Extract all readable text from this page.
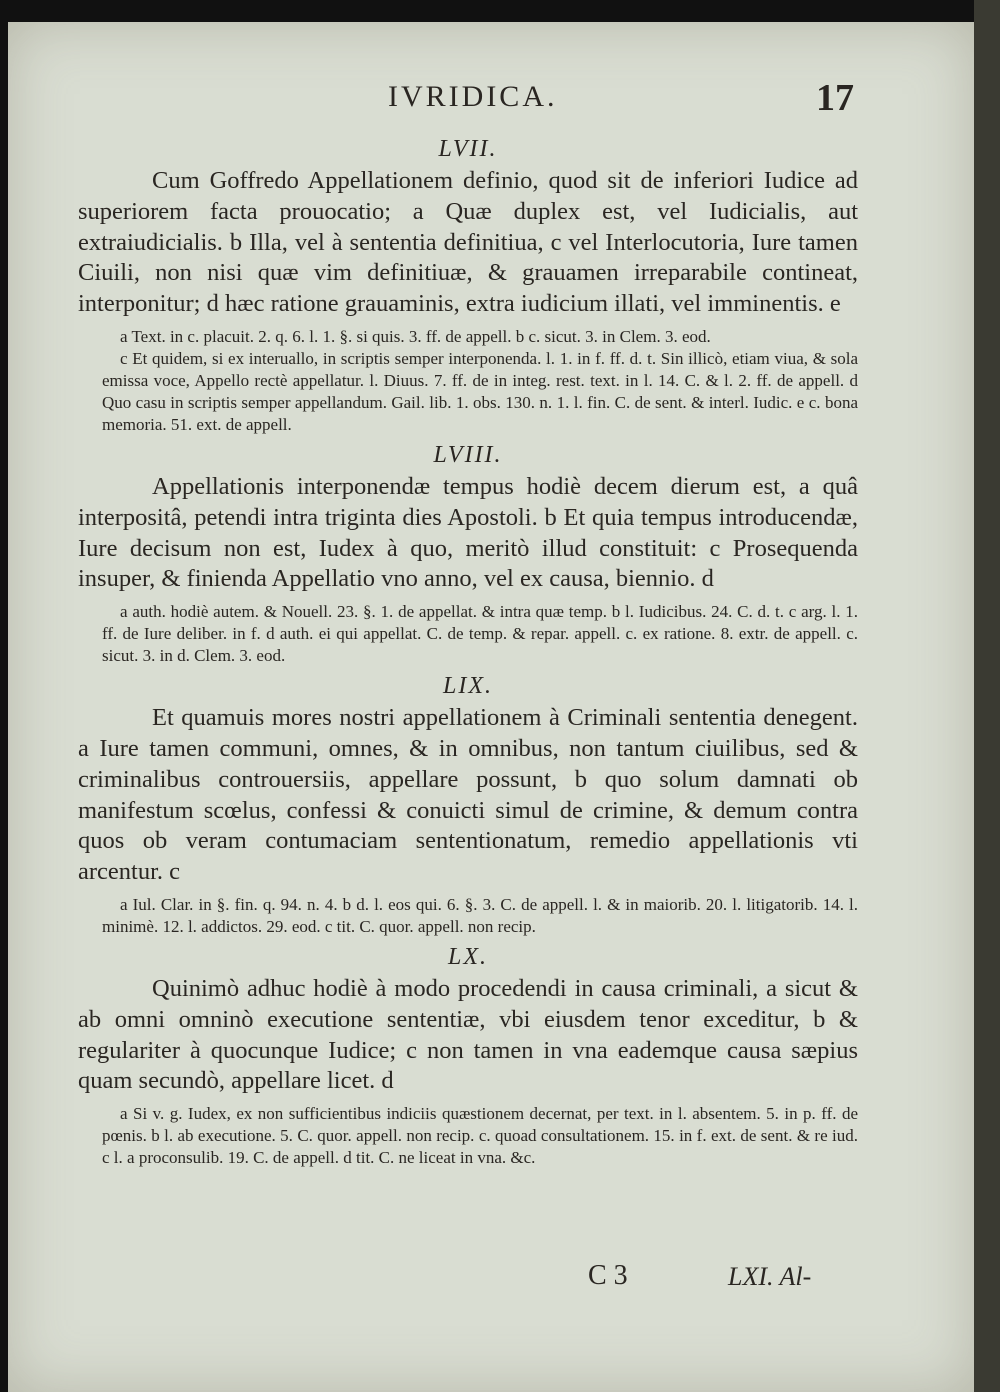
IVRIDICA.	17
LVII.

Cum Goffredo Appellationem definio, quod sit de inferiori Iudice ad superiorem facta prouocatio; a Quæ duplex est, vel Iudicialis, aut extraiudicialis. b Illa, vel à sententia definitiua, c vel Interlocutoria, Iure tamen Ciuili, non nisi quæ vim definitiuæ, & grauamen irreparabile contineat, interponitur; d hæc ratione grauaminis, extra iudicium illati, vel imminentis. e

a Text. in c. placuit. 2. q. 6. l. 1. §. si quis. 3. ff. de appell. b c. sicut. 3. in Clem. 3. eod.

c Et quidem, si ex interuallo, in scriptis semper interponenda. l. 1. in f. ff. d. t. Sin illicò, etiam viua, & sola emissa voce, Appello rectè appellatur. l. Diuus. 7. ff. de in integ. rest. text. in l. 14. C. & l. 2. ff. de appell. d Quo casu in scriptis semper appellandum. Gail. lib. 1. obs. 130. n. 1. l. fin. C. de sent. & interl. Iudic. e c. bona memoria. 51. ext. de appell.

LVIII.

Appellationis interponendæ tempus hodiè decem dierum est, a quâ interpositâ, petendi intra triginta dies Apostoli. b Et quia tempus introducendæ, Iure decisum non est, Iudex à quo, meritò illud constituit: c Prosequenda insuper, & finienda Appellatio vno anno, vel ex causa, biennio. d

a auth. hodiè autem. & Nouell. 23. §. 1. de appellat. & intra quæ temp. b l. Iudicibus. 24. C. d. t. c arg. l. 1. ff. de Iure deliber. in f. d auth. ei qui appellat. C. de temp. & repar. appell. c. ex ratione. 8. extr. de appell. c. sicut. 3. in d. Clem. 3. eod.

LIX.

Et quamuis mores nostri appellationem à Criminali sententia denegent. a Iure tamen communi, omnes, & in omnibus, non tantum ciuilibus, sed & criminalibus controuersiis, appellare possunt, b quo solum damnati ob manifestum scœlus, confessi & conuicti simul de crimine, & demum contra quos ob veram contumaciam sententionatum, remedio appellationis vti arcentur. c

a Iul. Clar. in §. fin. q. 94. n. 4. b d. l. eos qui. 6. §. 3. C. de appell. l. & in maiorib. 20. l. litigatorib. 14. l. minimè. 12. l. addictos. 29. eod. c tit. C. quor. appell. non recip.

LX.

Quinimò adhuc hodiè à modo procedendi in causa criminali, a sicut & ab omni omninò executione sententiæ, vbi eiusdem tenor exceditur, b & regulariter à quocunque Iudice; c non tamen in vna eademque causa sæpius quam secundò, appellare licet. d

a Si v. g. Iudex, ex non sufficientibus indiciis quæstionem decernat, per text. in l. absentem. 5. in p. ff. de pœnis. b l. ab executione. 5. C. quor. appell. non recip. c. quoad consultationem. 15. in f. ext. de sent. & re iud. c l. a proconsulib. 19. C. de appell. d tit. C. ne liceat in vna. &c.

C 3	LXI. Al-
